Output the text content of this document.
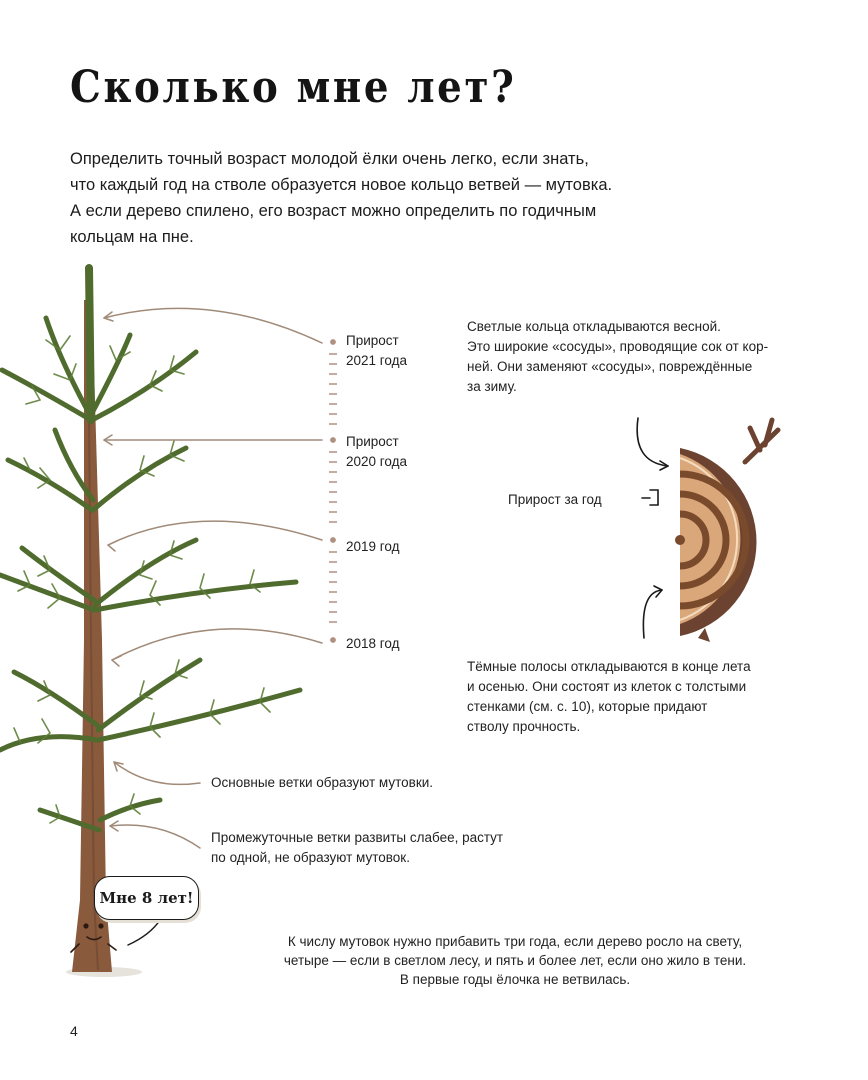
Сколько мне лет?
Определить точный возраст молодой ёлки очень легко, если знать,
что каждый год на стволе образуется новое кольцо ветвей — мутовка.
А если дерево спилено, его возраст можно определить по годичным
кольцам на пне.
Прирост
2021 года
Прирост
2020 года
2019 год
2018 год
Светлые кольца откладываются весной.
Это широкие «сосуды», проводящие сок от кор-
ней. Они заменяют «сосуды», повреждённые
за зиму.
Прирост за год
Тёмные полосы откладываются в конце лета
и осенью. Они состоят из клеток с толстыми
стенками (см. с. 10), которые придают
стволу прочность.
Основные ветки образуют мутовки.
Промежуточные ветки развиты слабее, растут
по одной, не образуют мутовок.
Мне 8 лет!
К числу мутовок нужно прибавить три года, если дерево росло на свету,
четыре — если в светлом лесу, и пять и более лет, если оно жило в тени.
В первые годы ёлочка не ветвилась.
4
